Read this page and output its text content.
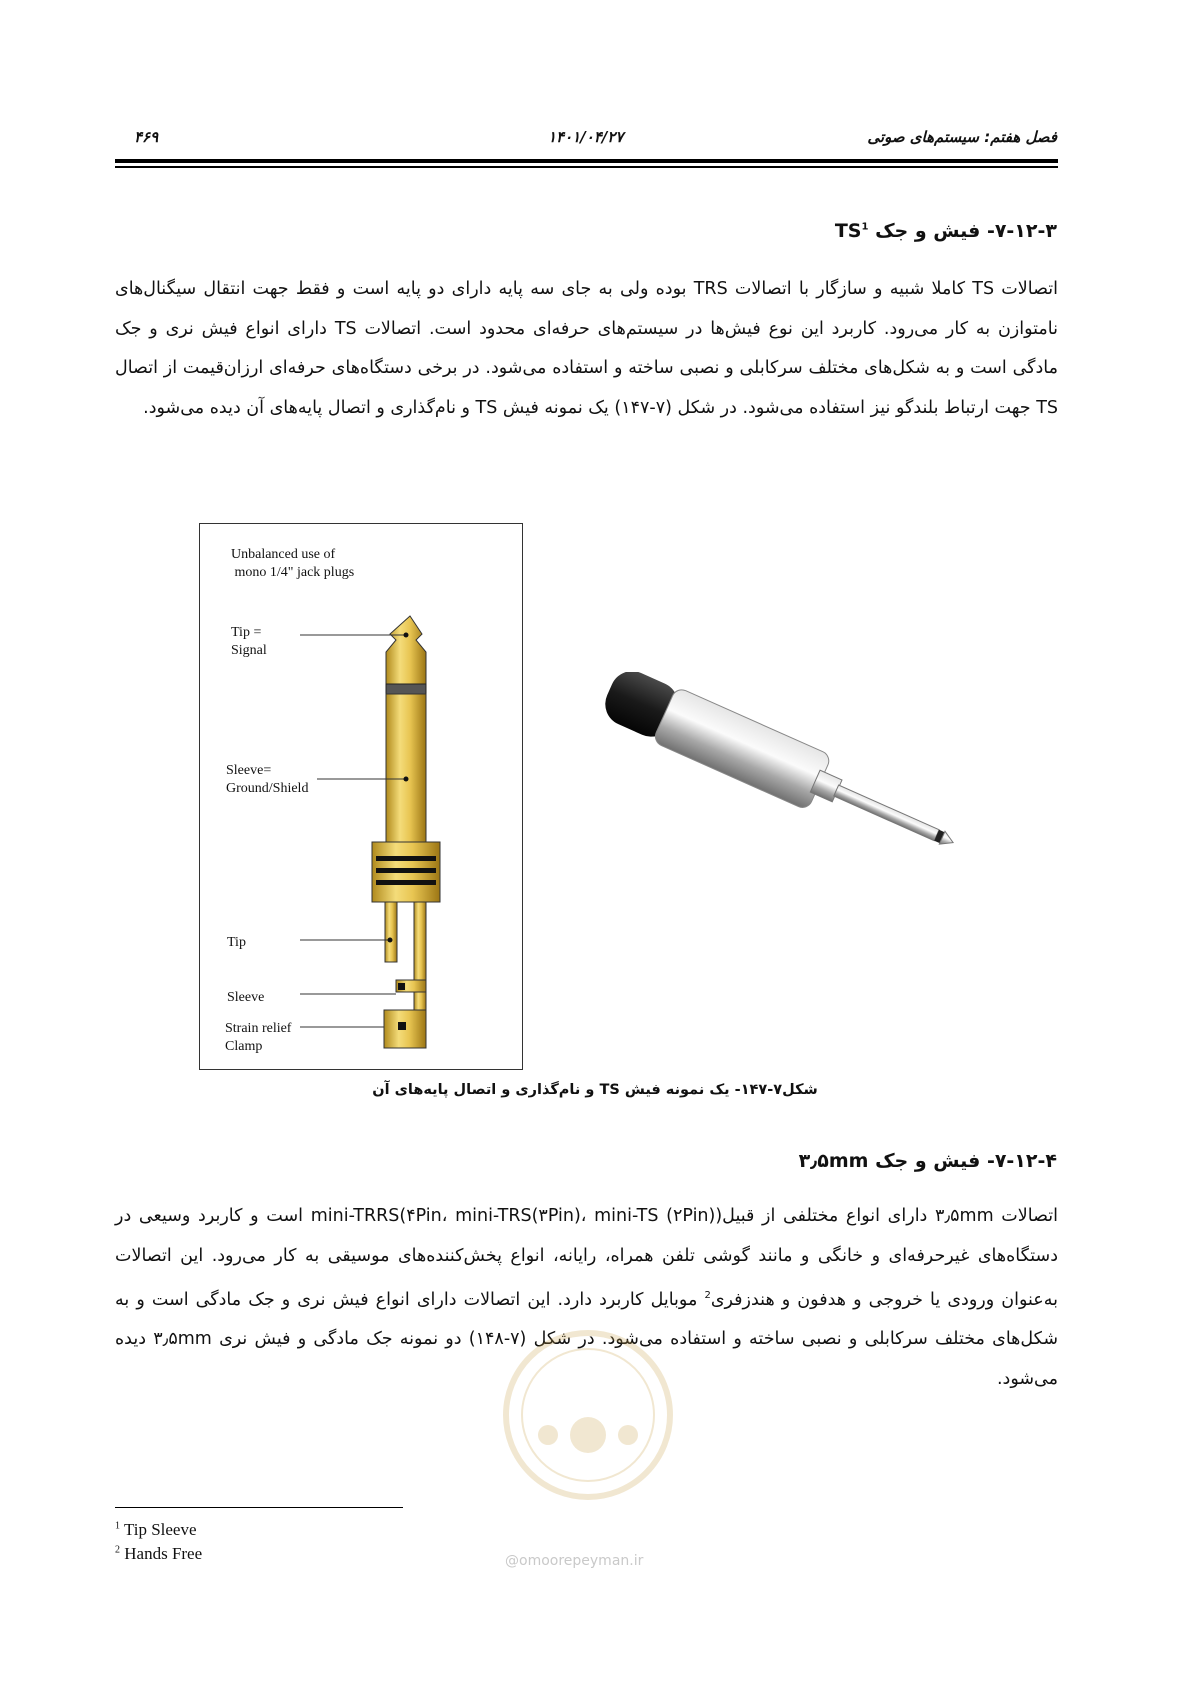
۴۶۹	۱۴۰۱/۰۴/۲۷	فصل هفتم: سیستم‌های صوتی
۷-۱۲-۳- فیش و جک $TS^1$
اتصالات TS کاملا شبیه و سازگار با اتصالات TRS بوده ولی به جای سه پایه دارای دو پایه است و فقط جهت انتقال سیگنال‌های نامتوازن به کار می‌رود. کاربرد این نوع فیش‌ها در سیستم‌های حرفه‌ای محدود است. اتصالات TS دارای انواع فیش نری و جک مادگی است و به شکل‌های مختلف سرکابلی و نصبی ساخته و استفاده می‌شود. در برخی دستگاه‌های حرفه‌ای ارزان‌قیمت از اتصال TS جهت ارتباط بلندگو نیز استفاده می‌شود. در شکل (۷-۱۴۷) یک نمونه فیش TS و نام‌گذاری و اتصال پایه‌های آن دیده می‌شود.
Unbalanced use of
mono 1/4" jack plugs
Tip =
Signal
Sleeve=
Ground/Shield
Tip
Sleeve
Strain relief
Clamp
شکل۷-۱۴۷- یک نمونه فیش TS و نام‌گذاری و اتصال پایه‌های آن
۷-۱۲-۴- فیش و جک ۳٫۵mm
اتصالات ۳٫۵mm دارای انواع مختلفی از قبیل(mini-TRRS(۴Pin، mini-TRS(۳Pin)، mini-TS (۲Pin) است و کاربرد وسیعی در دستگاه‌های غیرحرفه‌ای و خانگی و مانند گوشی تلفن همراه، رایانه، انواع پخش‌کننده‌های موسیقی به کار می‌رود. این اتصالات به‌عنوان ورودی یا خروجی و هدفون و هندزفری$^2$ موبایل کاربرد دارد. این اتصالات دارای انواع فیش نری و جک مادگی است و به شکل‌های مختلف سرکابلی و نصبی ساخته و استفاده می‌شود. در شکل (۷-۱۴۸) دو نمونه جک مادگی و فیش نری ۳٫۵mm دیده می‌شود.
@omoorepeyman.ir
$^1$ Tip Sleeve
$^2$ Hands Free
